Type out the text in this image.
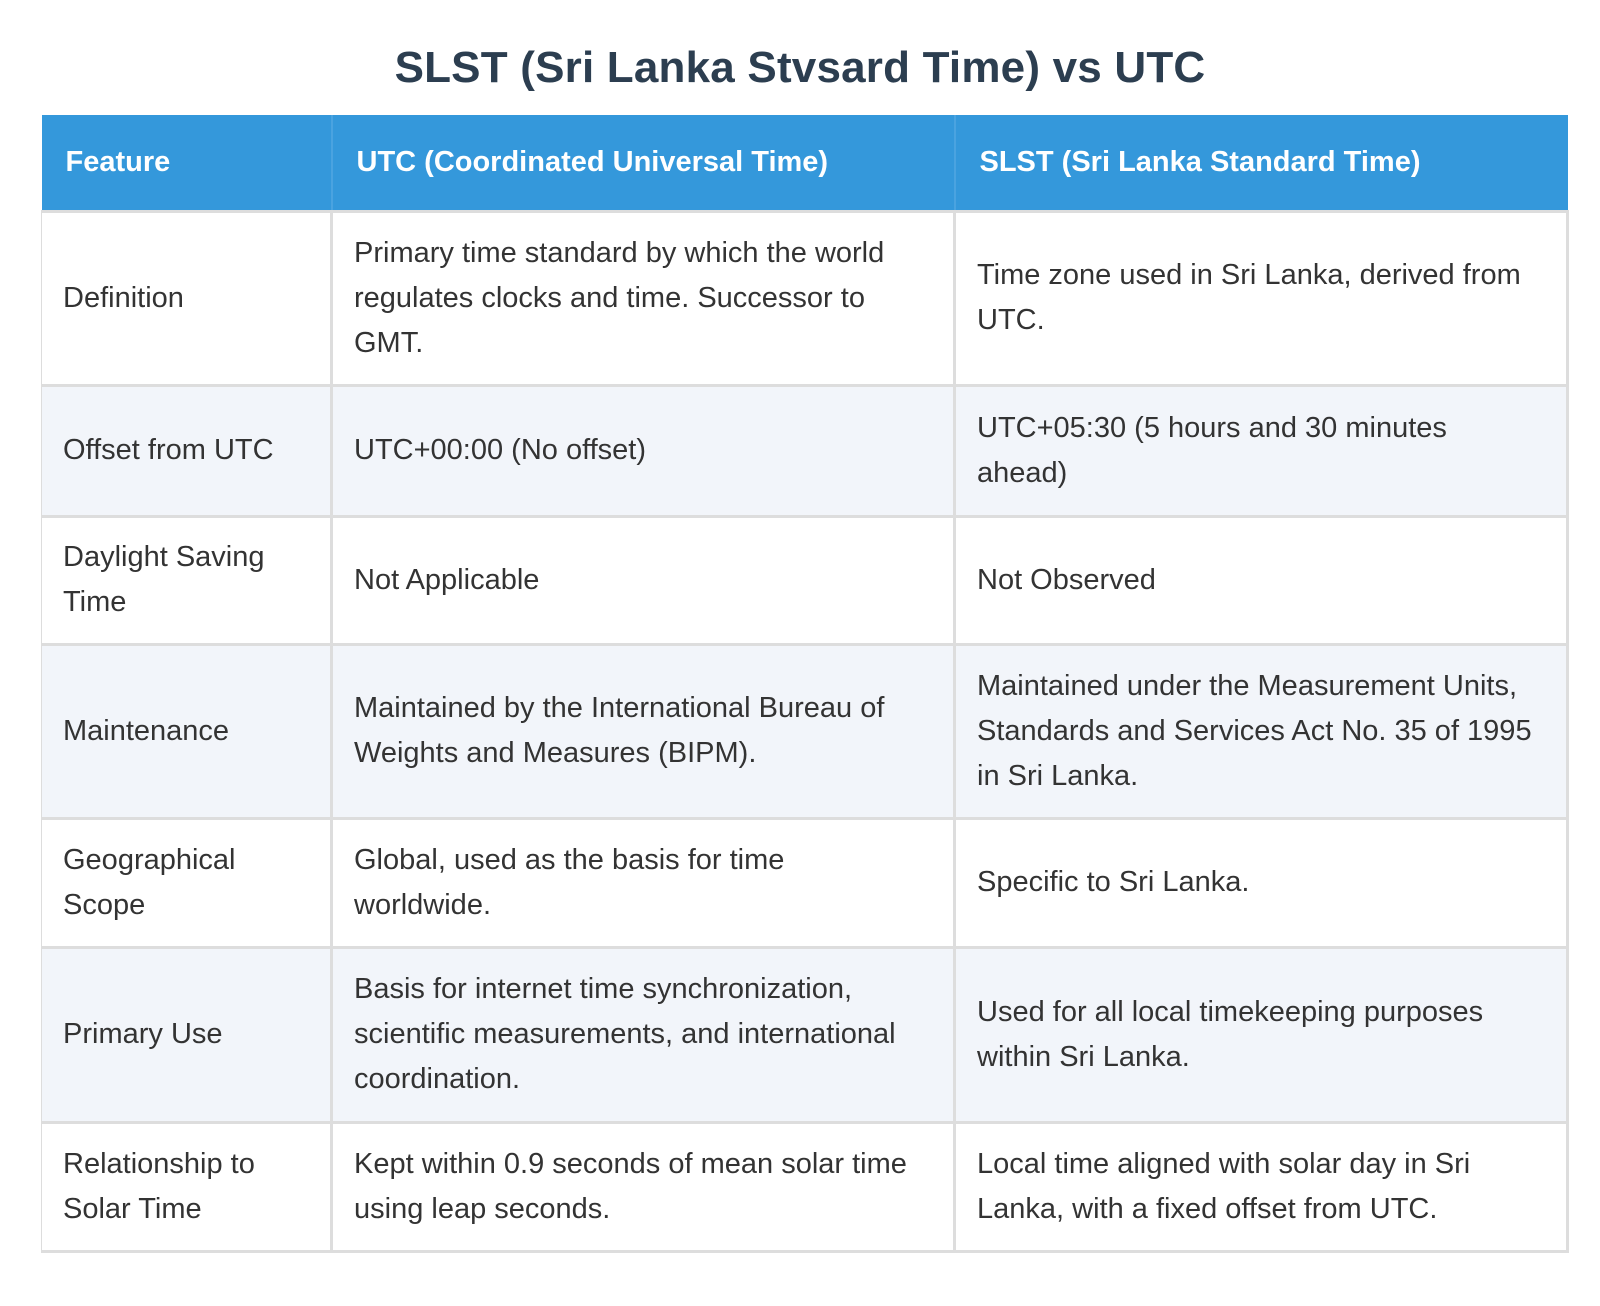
SLST (Sri Lanka Stvsard Time) vs UTC
Feature	UTC (Coordinated Universal Time)	SLST (Sri Lanka Standard Time)
Definition	Primary time standard by which the world regulates clocks and time. Successor to GMT.	Time zone used in Sri Lanka, derived from UTC.
Offset from UTC	UTC+00:00 (No offset)	UTC+05:30 (5 hours and 30 minutes ahead)
Daylight Saving Time	Not Applicable	Not Observed
Maintenance	Maintained by the International Bureau of Weights and Measures (BIPM).	Maintained under the Measurement Units, Standards and Services Act No. 35 of 1995 in Sri Lanka.
Geographical Scope	Global, used as the basis for time worldwide.	Specific to Sri Lanka.
Primary Use	Basis for internet time synchronization, scientific measurements, and international coordination.	Used for all local timekeeping purposes within Sri Lanka.
Relationship to Solar Time	Kept within 0.9 seconds of mean solar time using leap seconds.	Local time aligned with solar day in Sri Lanka, with a fixed offset from UTC.
